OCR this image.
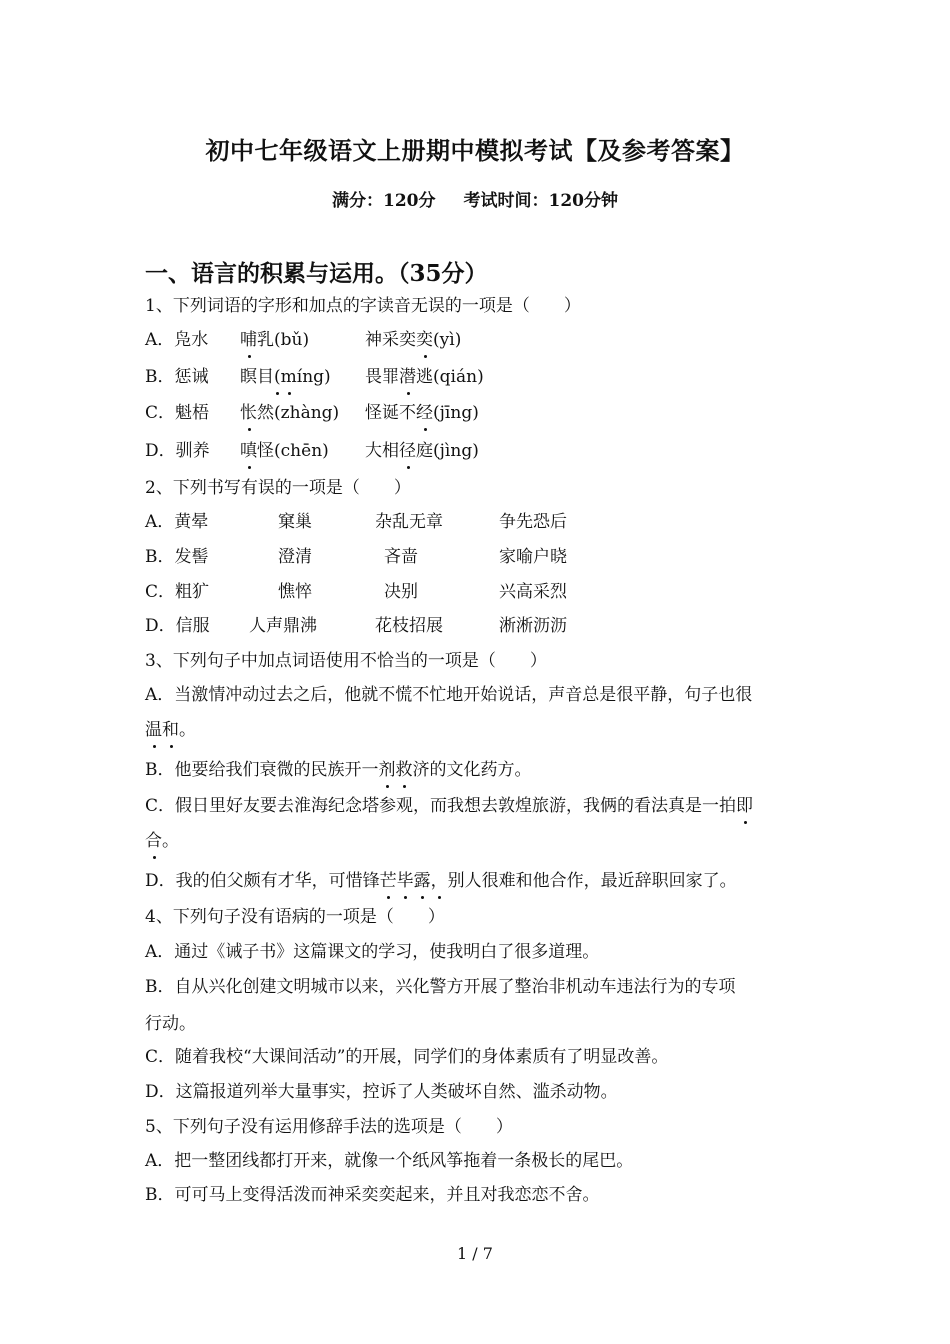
初中七年级语文上册期中模拟考试【及参考答案】
满分：120分 考试时间：120分钟
一、语言的积累与运用。（35分）
1、下列词语的字形和加点的字读音无误的一项是（　　）
A．凫水 哺乳(bǔ)	神采奕奕(yì)
B．惩诫 瞑目(míng) 畏罪潜逃(qián)
C．魁梧 怅然(zhàng) 怪诞不经(jīng)
D．驯养 嗔怪(chēn) 大相径庭(jìng)
2、下列书写有误的一项是（　　）
A．黄晕	窠巢	杂乱无章	争先恐后
B．发髻	澄清	吝啬	家喻户晓
C．粗犷	憔悴	决别	兴高采烈
D．信服 人声鼎沸	花枝招展	淅淅沥沥
3、下列句子中加点词语使用不恰当的一项是（　　）
A．当激情冲动过去之后，他就不慌不忙地开始说话，声音总是很平静，句子也很
温和。
B．他要给我们衰微的民族开一剂救济的文化药方。
C．假日里好友要去淮海纪念塔参观，而我想去敦煌旅游，我俩的看法真是一拍即
合。
D．我的伯父颇有才华，可惜锋芒毕露，别人很难和他合作，最近辞职回家了。
4、下列句子没有语病的一项是（　　）
A．通过《诫子书》这篇课文的学习，使我明白了很多道理。
B．自从兴化创建文明城市以来，兴化警方开展了整治非机动车违法行为的专项
行动。
C．随着我校“大课间活动”的开展，同学们的身体素质有了明显改善。
D．这篇报道列举大量事实，控诉了人类破坏自然、滥杀动物。
5、下列句子没有运用修辞手法的选项是（　　）
A．把一整团线都打开来，就像一个纸风筝拖着一条极长的尾巴。
B．可可马上变得活泼而神采奕奕起来，并且对我恋恋不舍。
1 / 7
